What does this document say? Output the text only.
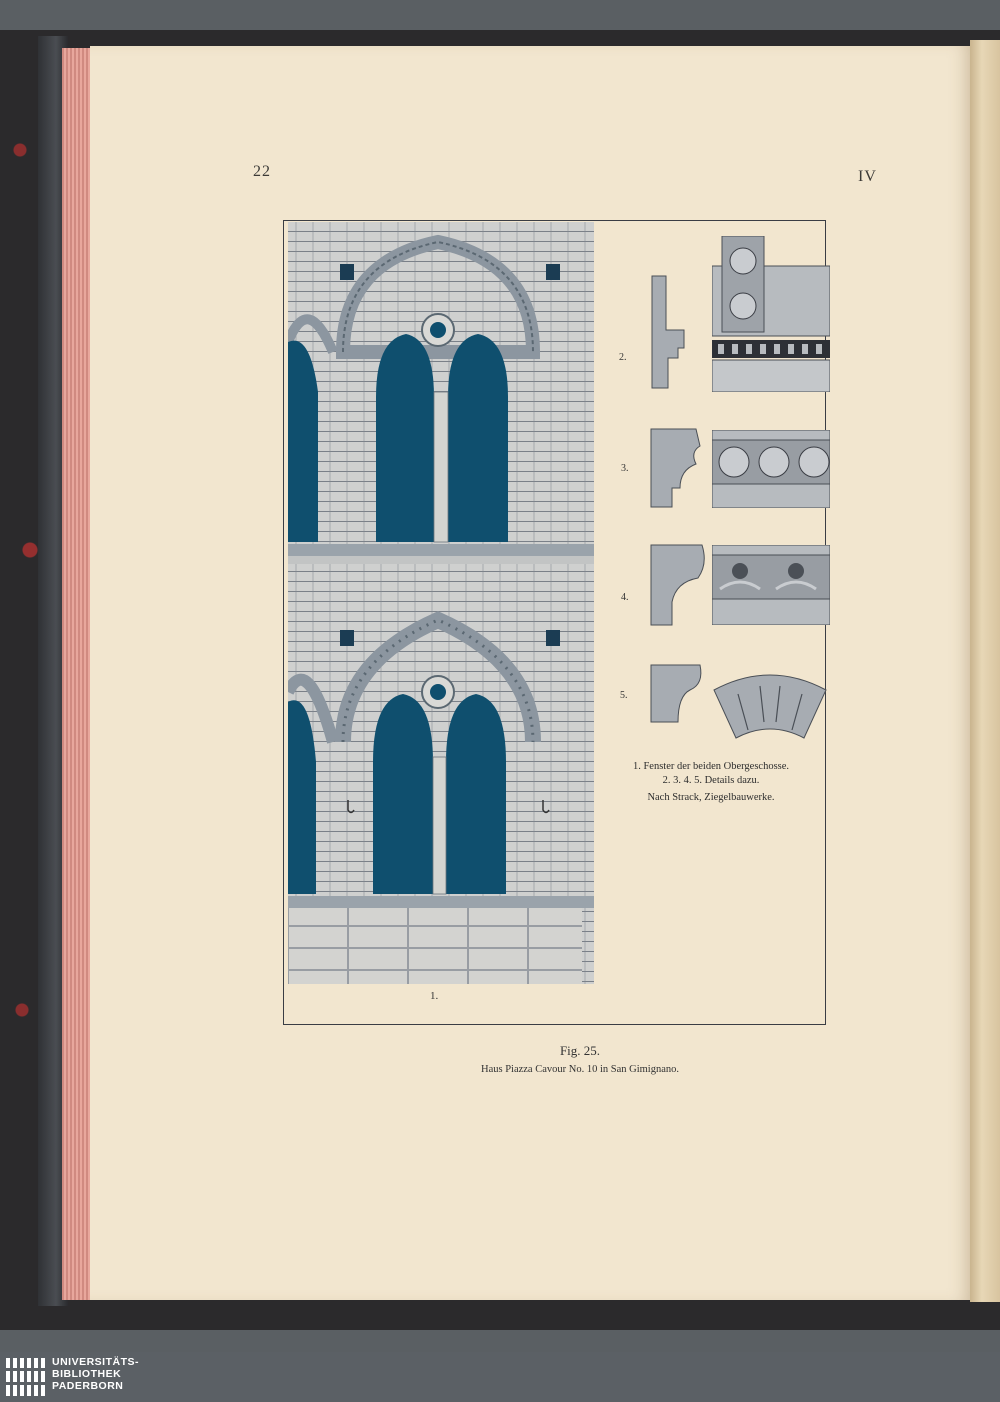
22	IV
1.
2.
3.
4.
5.
1. Fenster der beiden Obergeschosse.
2. 3. 4. 5. Details dazu.
Nach Strack, Ziegelbauwerke.
Fig. 25.
Haus Piazza Cavour No. 10 in San Gimignano.
UNIVERSITÄTS-
BIBLIOTHEK
PADERBORN
